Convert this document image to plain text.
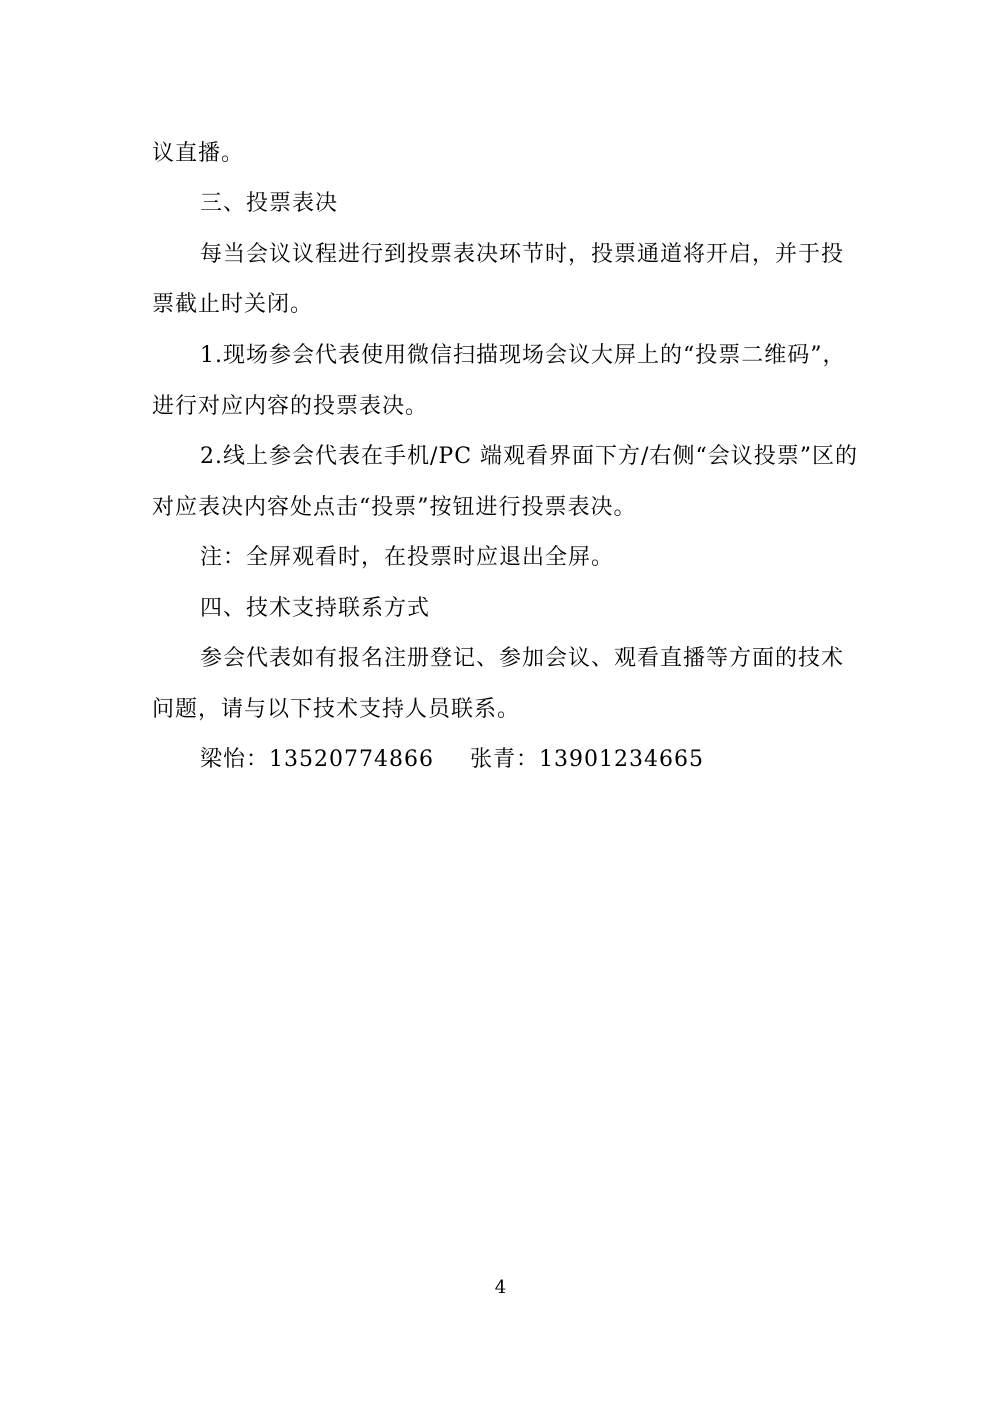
议直播。
三、投票表决
每当会议议程进行到投票表决环节时，投票通道将开启，并于投
票截止时关闭。
1.现场参会代表使用微信扫描现场会议大屏上的“投票二维码”，
进行对应内容的投票表决。
2.线上参会代表在手机/PC 端观看界面下方/右侧“会议投票”区的
对应表决内容处点击“投票”按钮进行投票表决。
注：全屏观看时，在投票时应退出全屏。
四、技术支持联系方式
参会代表如有报名注册登记、参加会议、观看直播等方面的技术
问题，请与以下技术支持人员联系。
梁怡：13520774866 张青：13901234665
4
